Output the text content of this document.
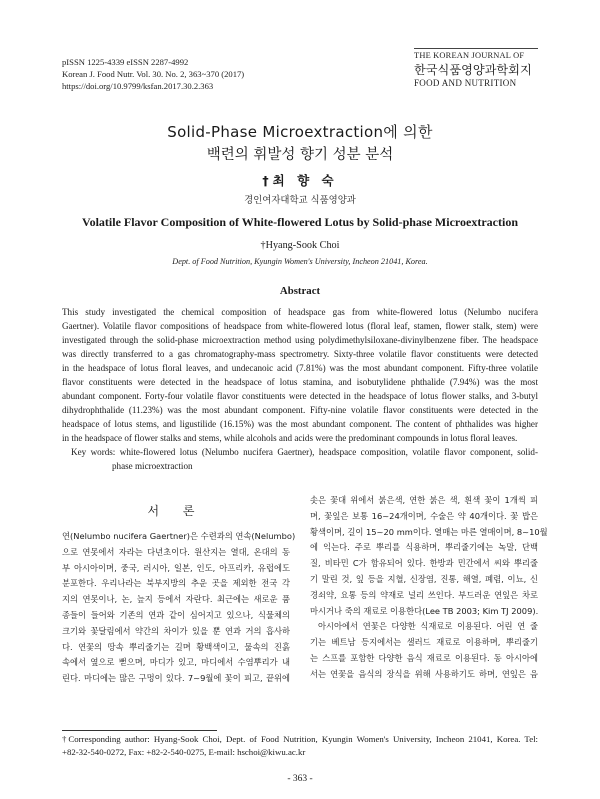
pISSN 1225-4339 eISSN 2287-4992
Korean J. Food Nutr. Vol. 30. No. 2, 363~370 (2017)
https://doi.org/10.9799/ksfan.2017.30.2.363
THE KOREAN JOURNAL OF
한국식품영양과학회지
FOOD AND NUTRITION
Solid-Phase Microextraction에 의한
백련의 휘발성 향기 성분 분석
†최 향 숙
경인여자대학교 식품영양과
Volatile Flavor Composition of White-flowered Lotus by Solid-phase Microextraction
†Hyang-Sook Choi
Dept. of Food Nutrition, Kyungin Women's University, Incheon 21041, Korea.
Abstract
This study investigated the chemical composition of headspace gas from white-flowered lotus (Nelumbo nucifera
Gaertner). Volatile flavor compositions of headspace from white-flowered lotus (floral leaf, stamen, flower stalk, stem) were
investigated through the solid-phase microextraction method using polydimethylsiloxane-divinylbenzene fiber. The headspace
was directly transferred to a gas chromatography-mass spectrometry. Sixty-three volatile flavor constituents were detected
in the headspace of lotus floral leaves, and undecanoic acid (7.81%) was the most abundant component. Fifty-three volatile
flavor constituents were detected in the headspace of lotus stamina, and isobutylidene phthalide (7.94%) was the most
abundant component. Forty-four volatile flavor constituents were detected in the headspace of lotus flower stalks, and 3-butyl
dihydrophthalide (11.23%) was the most abundant component. Fifty-nine volatile flavor constituents were detected in the
headspace of lotus stems, and ligustilide (16.15%) was the most abundant component. The content of phthalides was higher
in the headspace of flower stalks and stems, while alcohols and acids were the predominant compounds in lotus floral leaves.
Key words: white-flowered lotus (Nelumbo nucifera Gaertner), headspace composition, volatile flavor component, solid-
phase microextraction
서 론
연(Nelumbo nucifera Gaertner)은 수련과의 연속(Nelumbo)
으로 연못에서 자라는 다년초이다. 원산지는 열대, 온대의 동
부 아시아이며, 중국, 러시아, 일본, 인도, 아프리카, 유럽에도
분포한다. 우리나라는 북부지방의 추운 곳을 제외한 전국 각
지의 연못이나, 논, 늪지 등에서 자란다. 최근에는 새로운 품
종들이 들어와 기존의 연과 같이 심어지고 있으나, 식물체의
크기와 꽃달림에서 약간의 차이가 있을 뿐 연과 거의 흡사하
다. 연꽃의 땅속 뿌리줄기는 길며 황백색이고, 물속의 진흙
속에서 옆으로 뻗으며, 마디가 있고, 마디에서 수염뿌리가 내
린다. 마디에는 많은 구멍이 있다. 7~9월에 꽃이 피고, 끝위에
솟은 꽃대 위에서 붉은색, 연한 붉은 색, 흰색 꽃이 1개씩 피
며, 꽃잎은 보통 16~24개이며, 수술은 약 40개이다. 꽃 밥은
황색이며, 길이 15~20 mm이다. 열매는 마른 열매이며, 8~10월
에 익는다. 주로 뿌리를 식용하며, 뿌리줄기에는 녹말, 단백
질, 비타민 C가 함유되어 있다. 한방과 민간에서 씨와 뿌리줄
기 말린 것, 잎 등을 지혈, 신장염, 진통, 해열, 폐렴, 이뇨, 신
경쇠약, 요통 등의 약재로 널리 쓰인다. 부드러운 연잎은 차로
마시거나 죽의 재료로 이용한다(Lee TB 2003; Kim TJ 2009).
아시아에서 연꽃은 다양한 식재료로 이용된다. 어린 연 줄
기는 베트남 등지에서는 샐러드 재료로 이용하며, 뿌리줄기
는 스프를 포함한 다양한 음식 재료로 이용된다. 동 아시아에
서는 연꽃을 음식의 장식을 위해 사용하기도 하며, 연잎은 음
†Corresponding author: Hyang-Sook Choi, Dept. of Food Nutrition, Kyungin Women's University, Incheon 21041, Korea. Tel:
+82-32-540-0272, Fax: +82-2-540-0275, E-mail: hschoi@kiwu.ac.kr
- 363 -
